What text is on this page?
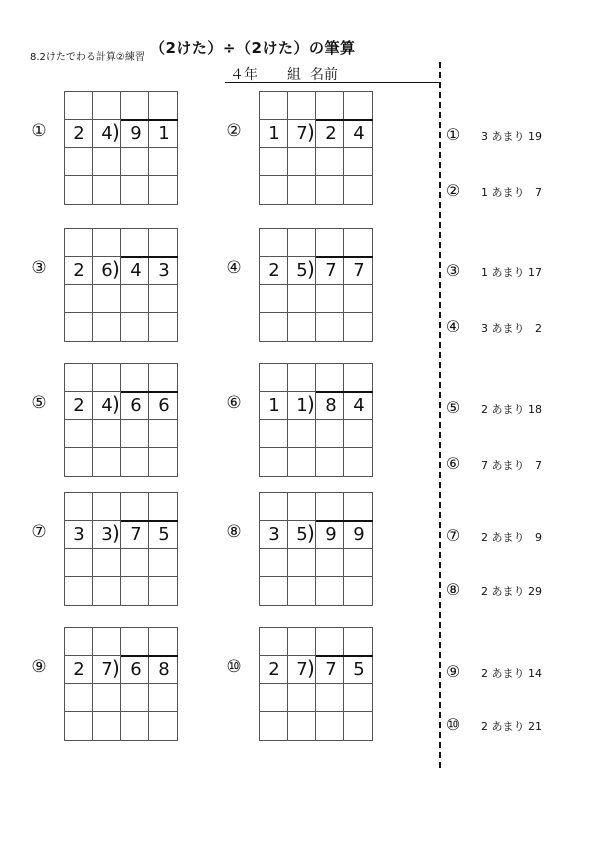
8.2けたでわる計算②練習
（2けた）÷（2けた）の筆算
４年 組 名前
①	2 4 9 1
)	②	1 7 2 4
)
③	2 6 4 3
)	④	2 5 7 7
)
⑤	2 4 6 6
)	⑥	1 1 8 4
)
⑦	3 3 7 5
)	⑧	3 5 9 9
)
⑨	2 7 6 8
)	⑩	2 7 7 5
)
①	3 あまり 19
②	1 あまり   7
③	1 あまり 17
④	3 あまり   2
⑤	2 あまり 18
⑥	7 あまり   7
⑦	2 あまり   9
⑧	2 あまり 29
⑨	2 あまり 14
⑩	2 あまり 21
